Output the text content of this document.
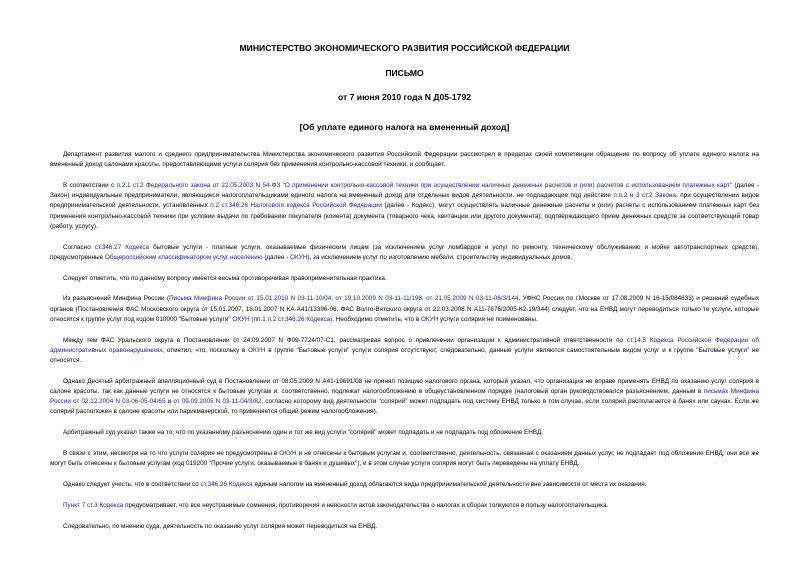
МИНИСТЕРСТВО ЭКОНОМИЧЕСКОГО РАЗВИТИЯ РОССИЙСКОЙ ФЕДЕРАЦИИ
ПИСЬМО
от 7 июня 2010 года N Д05-1792
[Об уплате единого налога на вмененный доход]

Департамент развития малого и среднего предпринимательства Министерства экономического развития Российской Федерации рассмотрел в пределах своей компетенции обращение по вопросу об уплате единого налога на вмененный доход салонами красоты, предоставляющими услуги солярия без применения контрольно-кассовой техники, и сообщает.

В соответствии с п.2.1 ст.2 Федерального закона от 22.05.2003 N 54-ФЗ "О применении контрольно-кассовой техники при осуществлении наличных денежных расчетов и (или) расчетов с использованием платежных карт" (далее - Закон) индивидуальные предприниматели, являющиеся налогоплательщиками единого налога на вмененный доход для отдельных видов деятельности, не подпадающие под действие п.п.2 и 3 ст.2 Закона, при осуществлении видов предпринимательской деятельности, установленных п.2 ст.346.26 Налогового кодекса Российской Федерации (далее - Кодекс), могут осуществлять наличные денежные расчеты и (или) расчеты с использованием платежных карт без применения контрольно-кассовой техники при условии выдачи по требованию покупателя (клиента) документа (товарного чека, квитанции или другого документа), подтверждающего прием денежных средств за соответствующий товар (работу, услугу).

Согласно ст.346.27 Кодекса бытовые услуги - платные услуги, оказываемые физическим лицам (за исключением услуг ломбардов и услуг по ремонту, техническому обслуживанию и мойке автотранспортных средств), предусмотренные Общероссийским классификатором услуг населению (далее - ОКУН), за исключением услуг по изготовлению мебели, строительству индивидуальных домов.

Следует отметить, что по данному вопросу имеется весьма противоречивая правоприменительная практика.

Из разъяснений Минфина России (Письма Минфина России от 15.01.2010 N 03-11-10/04, от 19.10.2009 N 03-11-11/198, от 21.05.2009 N 03-11-06/3/144, УФНС России по г.Москве от 17.08.2009 N 16-15/084833) и решений судебных органов (Постановления ФАС Московского округа от 15.01.2007, 18.01.2007 N КА-А41/13396-06, ФАС Волго-Вятского округа от 22.03.2008 N А11-7676/2005-К2-19/344) следует, что на ЕНВД могут переводиться только те услуги, которые относятся к группе услуг под кодом 010000 "Бытовые услуги" ОКУН (пп.1 п.2 ст.346.26 Кодекса). Необходимо отметить, что в ОКУН услуги солярия не поименованы.

Между тем ФАС Уральского округа в Постановлении от 24.09.2007 N Ф09-7724/07-С1, рассматривая вопрос о привлечении организации к административной ответственности по ст.14.5 Кодекса Российской Федерации об административных правонарушениях, отметил, что, поскольку в ОКУН в группе "Бытовые услуги" услуги солярия отсутствуют, следовательно, данные услуги являются самостоятельным видом услуг и к группе "Бытовые услуги" не относятся.

Однако Десятый арбитражный апелляционный суд в Постановлении от 08.05.2009 N А41-19691/08 не принял позицию налогового органа, который указал, что организация не вправе применять ЕНВД по оказанию услуг солярия в салоне красоты, так как данные услуги не относятся к бытовым услугам и, соответственно, подлежат налогообложению в общеустановленном порядке (налоговый орган руководствовался разъяснением, данным в письмах Минфина России от 02.12.2004 N 03-06-05-04/65 и от 09.09.2005 N 03-11-04/3/82, согласно которому вид деятельности "солярий" может подпадать под систему ЕНВД только в том случае, если солярий располагается в банях или саунах. Если же солярий расположен в салоне красоты или парикмахерской, то применяется общий режим налогообложения).

Арбитражный суд указал также на то, что по указанному разъяснению один и тот же вид услуги "солярий" может подпадать и не подпадать под обложение ЕНВД.

В связи с этим, несмотря на то что услуги солярия не предусмотрены в ОКУН и не отнесены к бытовым услугам и, соответственно, деятельность, связанная с оказанием данных услуг, не подпадает под обложение ЕНВД, они все же могут быть отнесены к бытовым услугам (код 019200 "Прочие услуги, оказываемые в банях и душевых"), и в этом случае услуги солярия могут быть переведены на уплату ЕНВД.

Однако следует учесть, что в соответствии со ст.346.26 Кодекса единым налогом на вмененный доход облагаются виды предпринимательской деятельности вне зависимости от места их оказания.

Пункт 7 ст.3 Кодекса предусматривает, что все неустранимые сомнения, противоречия и неясности актов законодательства о налогах и сборах толкуются в пользу налогоплательщика.

Следовательно, по мнению суда, деятельность по оказанию услуг солярия может переводиться на ЕНВД.
